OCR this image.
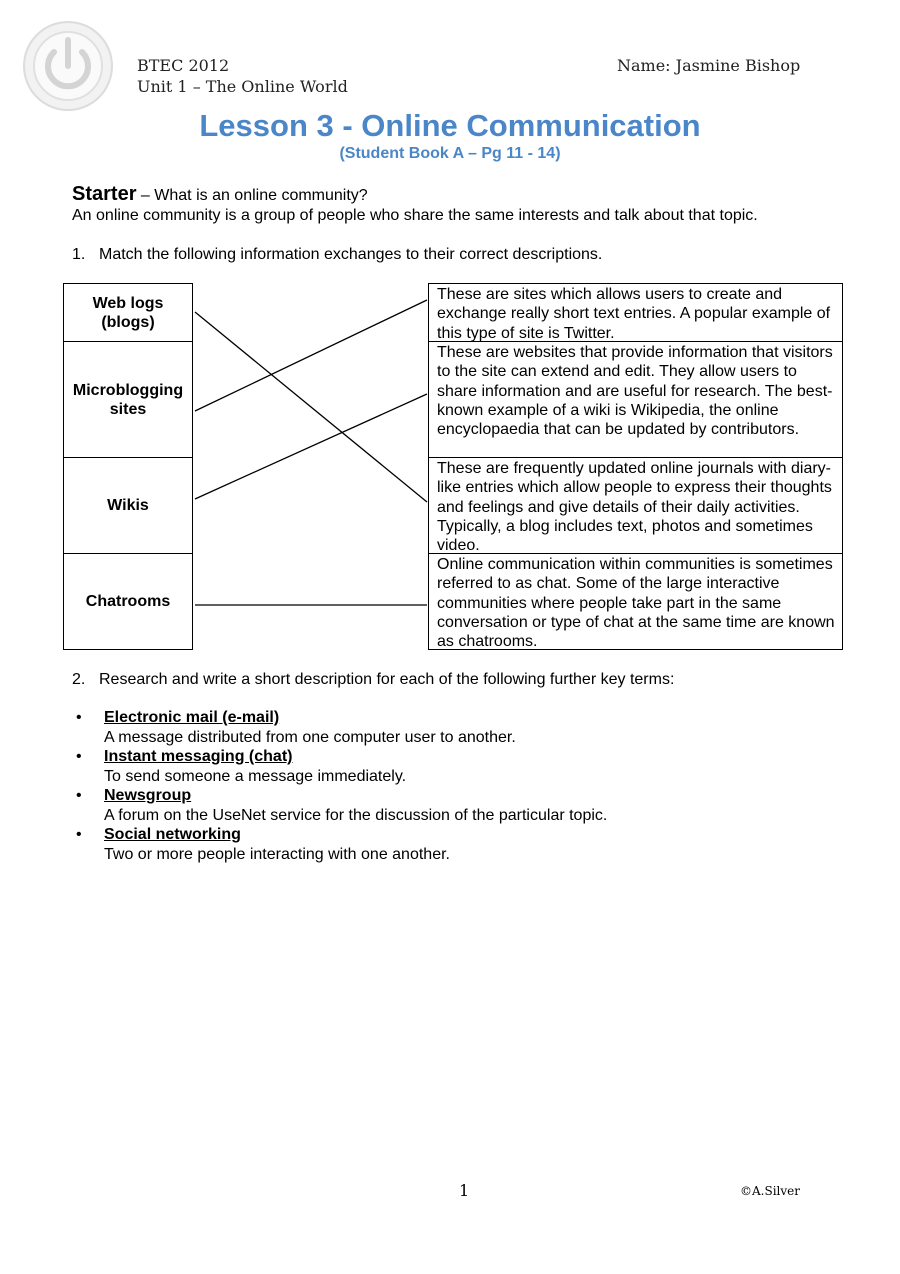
BTEC 2012
Unit 1 – The Online World
Name: Jasmine Bishop
Lesson 3 - Online Communication
(Student Book A – Pg 11 - 14)
Starter – What is an online community?
An online community is a group of people who share the same interests and talk about that topic.
1. Match the following information exchanges to their correct descriptions.
Web logs (blogs)
Microblogging sites
Wikis
Chatrooms
These are sites which allows users to create and exchange really short text entries. A popular example of this type of site is Twitter.
These are websites that provide information that visitors to the site can extend and edit. They allow users to share information and are useful for research. The best-known example of a wiki is Wikipedia, the online encyclopaedia that can be updated by contributors.
These are frequently updated online journals with diary-like entries which allow people to express their thoughts and feelings and give details of their daily activities. Typically, a blog includes text, photos and sometimes video.
Online communication within communities is sometimes referred to as chat. Some of the large interactive communities where people take part in the same conversation or type of chat at the same time are known as chatrooms.
2. Research and write a short description for each of the following further key terms:
• Electronic mail (e-mail)
A message distributed from one computer user to another.
• Instant messaging (chat)
To send someone a message immediately.
• Newsgroup
A forum on the UseNet service for the discussion of the particular topic.
• Social networking
Two or more people interacting with one another.
1	©A.Silver
